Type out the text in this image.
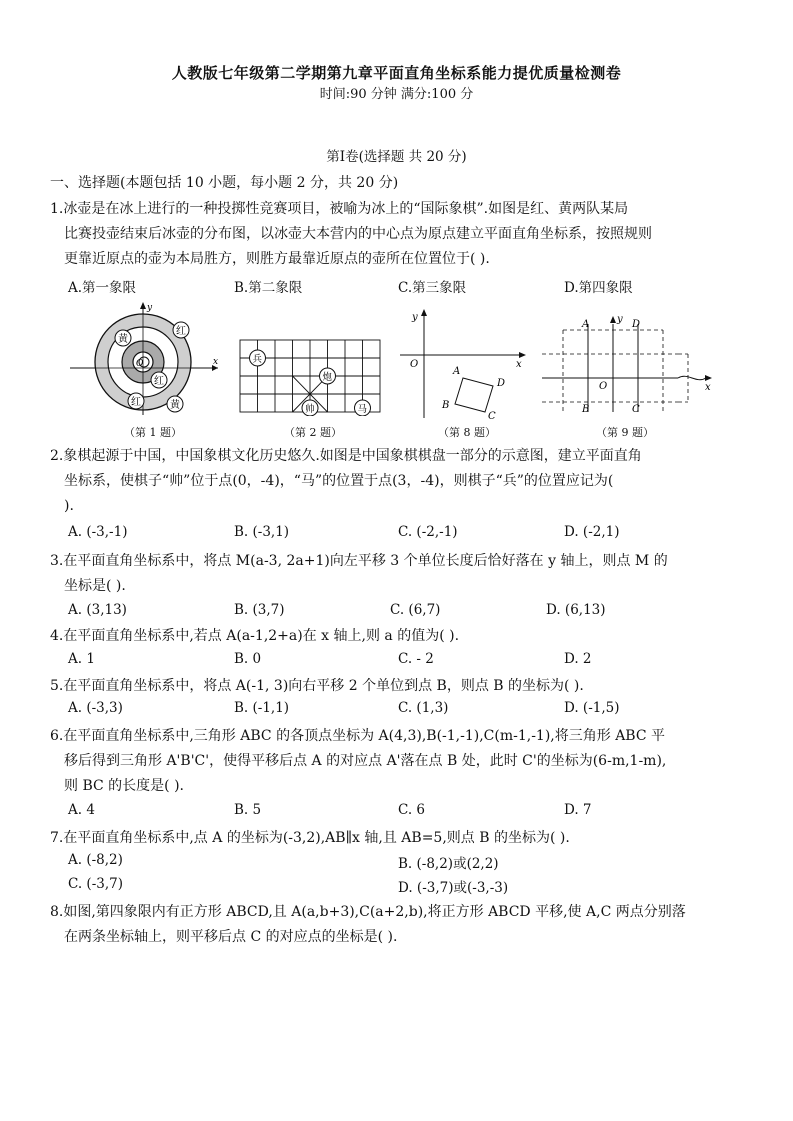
人教版七年级第二学期第九章平面直角坐标系能力提优质量检测卷
时间:90 分钟 满分:100 分
第Ⅰ卷(选择题 共 20 分)
一、选择题(本题包括 10 小题，每小题 2 分，共 20 分)
1.冰壶是在冰上进行的一种投掷性竞赛项目，被喻为冰上的“国际象棋”.如图是红、黄两队某局
比赛投壶结束后冰壶的分布图，以冰壶大本营内的中心点为原点建立平面直角坐标系，按照规则
更靠近原点的壶为本局胜方，则胜方最靠近原点的壶所在位置位于( ).
A.第一象限	B.第二象限	C.第三象限	D.第四象限
黄
红
红
红	黄
O	x
y
（第 1 题）
兵
炮
帅	马
（第 2 题）
y
O	x
A
D
B
C
（第 8 题）
A	D
y
O
B	C
x
（第 9 题）
2.象棋起源于中国，中国象棋文化历史悠久.如图是中国象棋棋盘一部分的示意图，建立平面直角
坐标系，使棋子“帅”位于点(0，-4)，“马”的位置于点(3，-4)，则棋子“兵”的位置应记为(
).
A. (-3,-1)	B. (-3,1)	C. (-2,-1)	D. (-2,1)
3.在平面直角坐标系中，将点 M(a-3, 2a+1)向左平移 3 个单位长度后恰好落在 y 轴上，则点 M 的
坐标是( ).
A. (3,13)	B. (3,7)	C. (6,7)	D. (6,13)
4.在平面直角坐标系中,若点 A(a-1,2+a)在 x 轴上,则 a 的值为( ).
A. 1	B. 0	C. - 2	D. 2
5.在平面直角坐标系中，将点 A(-1, 3)向右平移 2 个单位到点 B，则点 B 的坐标为( ).
A. (-3,3)	B. (-1,1)	C. (1,3)	D. (-1,5)
6.在平面直角坐标系中,三角形 ABC 的各顶点坐标为 A(4,3),B(-1,-1),C(m-1,-1),将三角形 ABC 平
移后得到三角形 A'B'C'，使得平移后点 A 的对应点 A'落在点 B 处，此时 C'的坐标为(6-m,1-m),
则 BC 的长度是( ).
A. 4	B. 5	C. 6	D. 7
7.在平面直角坐标系中,点 A 的坐标为(-3,2),AB∥x 轴,且 AB=5,则点 B 的坐标为( ).
A. (-8,2)	B. (-8,2)或(2,2)
C. (-3,7)	D. (-3,7)或(-3,-3)
8.如图,第四象限内有正方形 ABCD,且 A(a,b+3),C(a+2,b),将正方形 ABCD 平移,使 A,C 两点分别落
在两条坐标轴上，则平移后点 C 的对应点的坐标是( ).
